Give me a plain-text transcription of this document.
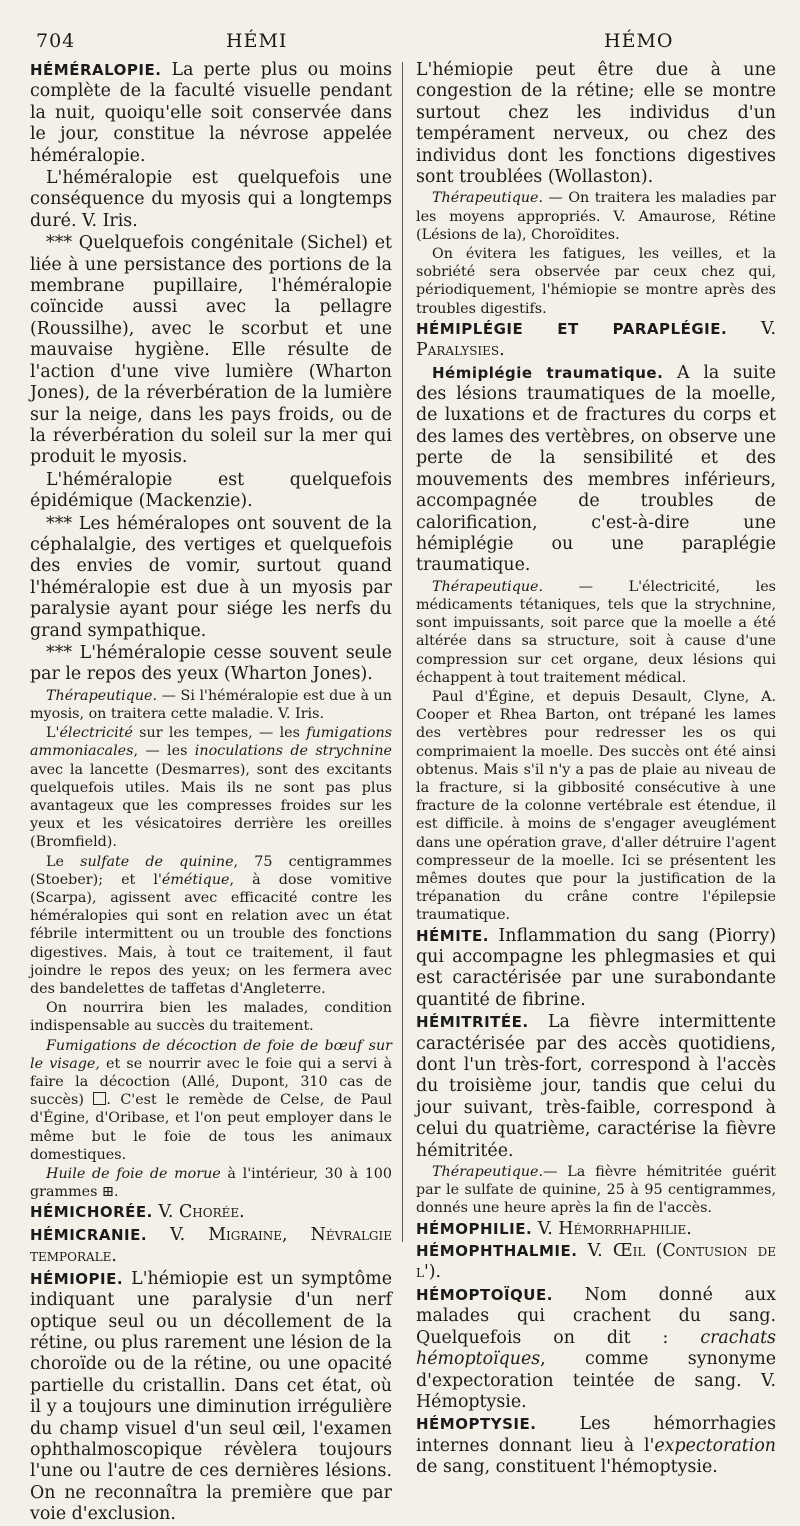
704	HÉMI	HÉMO

HÉMÉRALOPIE. La perte plus ou moins complète de la faculté visuelle pendant la nuit, quoiqu'elle soit conservée dans le jour, constitue la névrose appelée héméralopie.

L'héméralopie est quelquefois une conséquence du myosis qui a longtemps duré. V. Iris.

*** Quelquefois congénitale (Sichel) et liée à une persistance des portions de la membrane pupillaire, l'héméralopie coïncide aussi avec la pellagre (Roussilhe), avec le scorbut et une mauvaise hygiène. Elle résulte de l'action d'une vive lumière (Wharton Jones), de la réverbération de la lumière sur la neige, dans les pays froids, ou de la réverbération du soleil sur la mer qui produit le myosis.

L'héméralopie est quelquefois épidémique (Mackenzie).

*** Les héméralopes ont souvent de la céphalalgie, des vertiges et quelquefois des envies de vomir, surtout quand l'héméralopie est due à un myosis par paralysie ayant pour siége les nerfs du grand sympathique.

*** L'héméralopie cesse souvent seule par le repos des yeux (Wharton Jones).

Thérapeutique. — Si l'héméralopie est due à un myosis, on traitera cette maladie. V. Iris.

L'électricité sur les tempes, — les fumigations ammoniacales, — les inoculations de strychnine avec la lancette (Desmarres), sont des excitants quelquefois utiles. Mais ils ne sont pas plus avantageux que les compresses froides sur les yeux et les vésicatoires derrière les oreilles (Bromfield).

Le sulfate de quinine, 75 centigrammes (Stoeber); et l'émétique, à dose vomitive (Scarpa), agissent avec efficacité contre les héméralopies qui sont en relation avec un état fébrile intermittent ou un trouble des fonctions digestives. Mais, à tout ce traitement, il faut joindre le repos des yeux; on les fermera avec des bandelettes de taffetas d'Angleterre.

On nourrira bien les malades, condition indispensable au succès du traitement.

Fumigations de décoction de foie de bœuf sur le visage, et se nourrir avec le foie qui a servi à faire la décoction (Allé, Dupont, 310 cas de succès) . C'est le remède de Celse, de Paul d'Égine, d'Oribase, et l'on peut employer dans le même but le foie de tous les animaux domestiques.

Huile de foie de morue à l'intérieur, 30 à 100 grammes ⊞.

HÉMICHORÉE. V. Chorée.

HÉMICRANIE. V. Migraine, Névralgie temporale.

HÉMIOPIE. L'hémiopie est un symptôme indiquant une paralysie d'un nerf optique seul ou un décollement de la rétine, ou plus rarement une lésion de la choroïde ou de la rétine, ou une opacité partielle du cristallin. Dans cet état, où il y a toujours une diminution irrégulière du champ visuel d'un seul œil, l'examen ophthalmoscopique révèlera toujours l'une ou l'autre de ces dernières lésions. On ne reconnaîtra la première que par voie d'exclusion.

L'hémiopie peut être due à une congestion de la rétine; elle se montre surtout chez les individus d'un tempérament nerveux, ou chez des individus dont les fonctions digestives sont troublées (Wollaston).

Thérapeutique. — On traitera les maladies par les moyens appropriés. V. Amaurose, Rétine (Lésions de la), Choroïdites.

On évitera les fatigues, les veilles, et la sobriété sera observée par ceux chez qui, périodiquement, l'hémiopie se montre après des troubles digestifs.

HÉMIPLÉGIE ET PARAPLÉGIE. V. Paralysies.

Hémiplégie traumatique. A la suite des lésions traumatiques de la moelle, de luxations et de fractures du corps et des lames des vertèbres, on observe une perte de la sensibilité et des mouvements des membres inférieurs, accompagnée de troubles de calorification, c'est-à-dire une hémiplégie ou une paraplégie traumatique.

Thérapeutique. — L'électricité, les médicaments tétaniques, tels que la strychnine, sont impuissants, soit parce que la moelle a été altérée dans sa structure, soit à cause d'une compression sur cet organe, deux lésions qui échappent à tout traitement médical.

Paul d'Égine, et depuis Desault, Clyne, A. Cooper et Rhea Barton, ont trépané les lames des vertèbres pour redresser les os qui comprimaient la moelle. Des succès ont été ainsi obtenus. Mais s'il n'y a pas de plaie au niveau de la fracture, si la gibbosité consécutive à une fracture de la colonne vertébrale est étendue, il est difficile. à moins de s'engager aveuglément dans une opération grave, d'aller détruire l'agent compresseur de la moelle. Ici se présentent les mêmes doutes que pour la justification de la trépanation du crâne contre l'épilepsie traumatique.

HÉMITE. Inflammation du sang (Piorry) qui accompagne les phlegmasies et qui est caractérisée par une surabondante quantité de fibrine.

HÉMITRITÉE. La fièvre intermittente caractérisée par des accès quotidiens, dont l'un très-fort, correspond à l'accès du troisième jour, tandis que celui du jour suivant, très-faible, correspond à celui du quatrième, caractérise la fièvre hémitritée.

Thérapeutique.— La fièvre hémitritée guérit par le sulfate de quinine, 25 à 95 centigrammes, donnés une heure après la fin de l'accès.

HÉMOPHILIE. V. Hémorrhaphilie.

HÉMOPHTHALMIE. V. Œil (Contusion de l').

HÉMOPTOÏQUE. Nom donné aux malades qui crachent du sang. Quelquefois on dit : crachats hémoptoïques, comme synonyme d'expectoration teintée de sang. V. Hémoptysie.

HÉMOPTYSIE. Les hémorrhagies internes donnant lieu à l'expectoration de sang, constituent l'hémoptysie.
